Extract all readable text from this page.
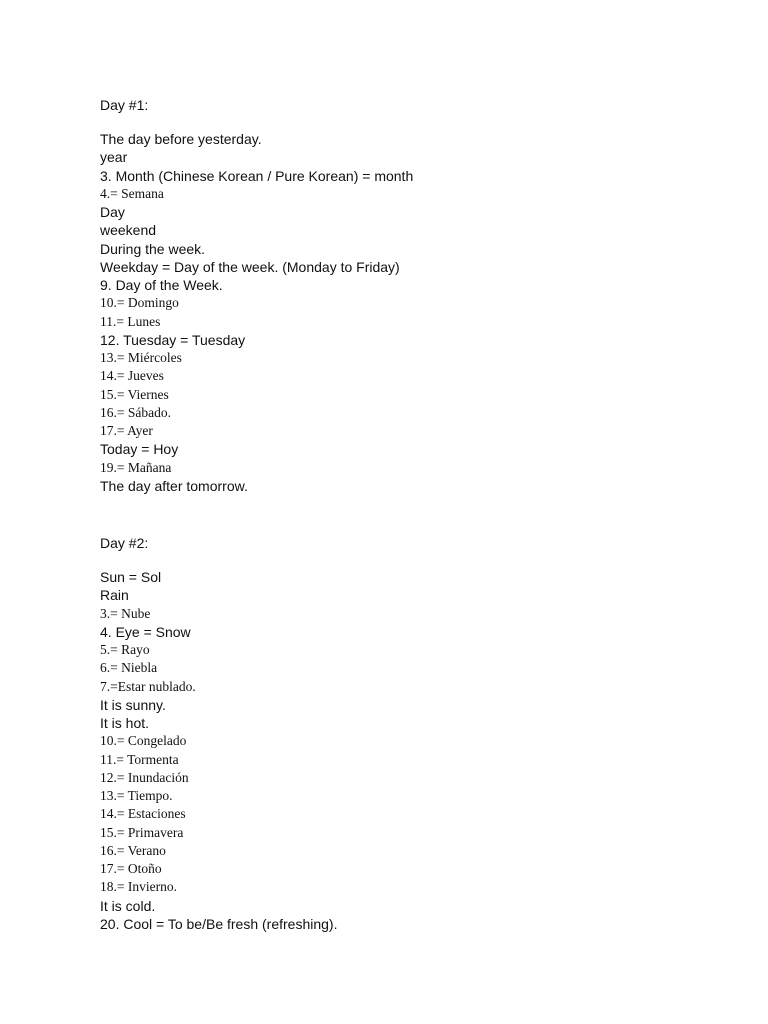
Day #1:
The day before yesterday.
year
3. Month (Chinese Korean / Pure Korean) = month
4.= Semana
Day
weekend
During the week.
Weekday = Day of the week. (Monday to Friday)
9. Day of the Week.
10.= Domingo
11.= Lunes
12. Tuesday = Tuesday
13.= Miércoles
14.= Jueves
15.= Viernes
16.= Sábado.
17.= Ayer
Today = Hoy
19.= Mañana
The day after tomorrow.
Day #2:
Sun = Sol
Rain
3.= Nube
4. Eye = Snow
5.= Rayo
6.= Niebla
7.=Estar nublado.
It is sunny.
It is hot.
10.= Congelado
11.= Tormenta
12.= Inundación
13.= Tiempo.
14.= Estaciones
15.= Primavera
16.= Verano
17.= Otoño
18.= Invierno.
It is cold.
20. Cool = To be/Be fresh (refreshing).
